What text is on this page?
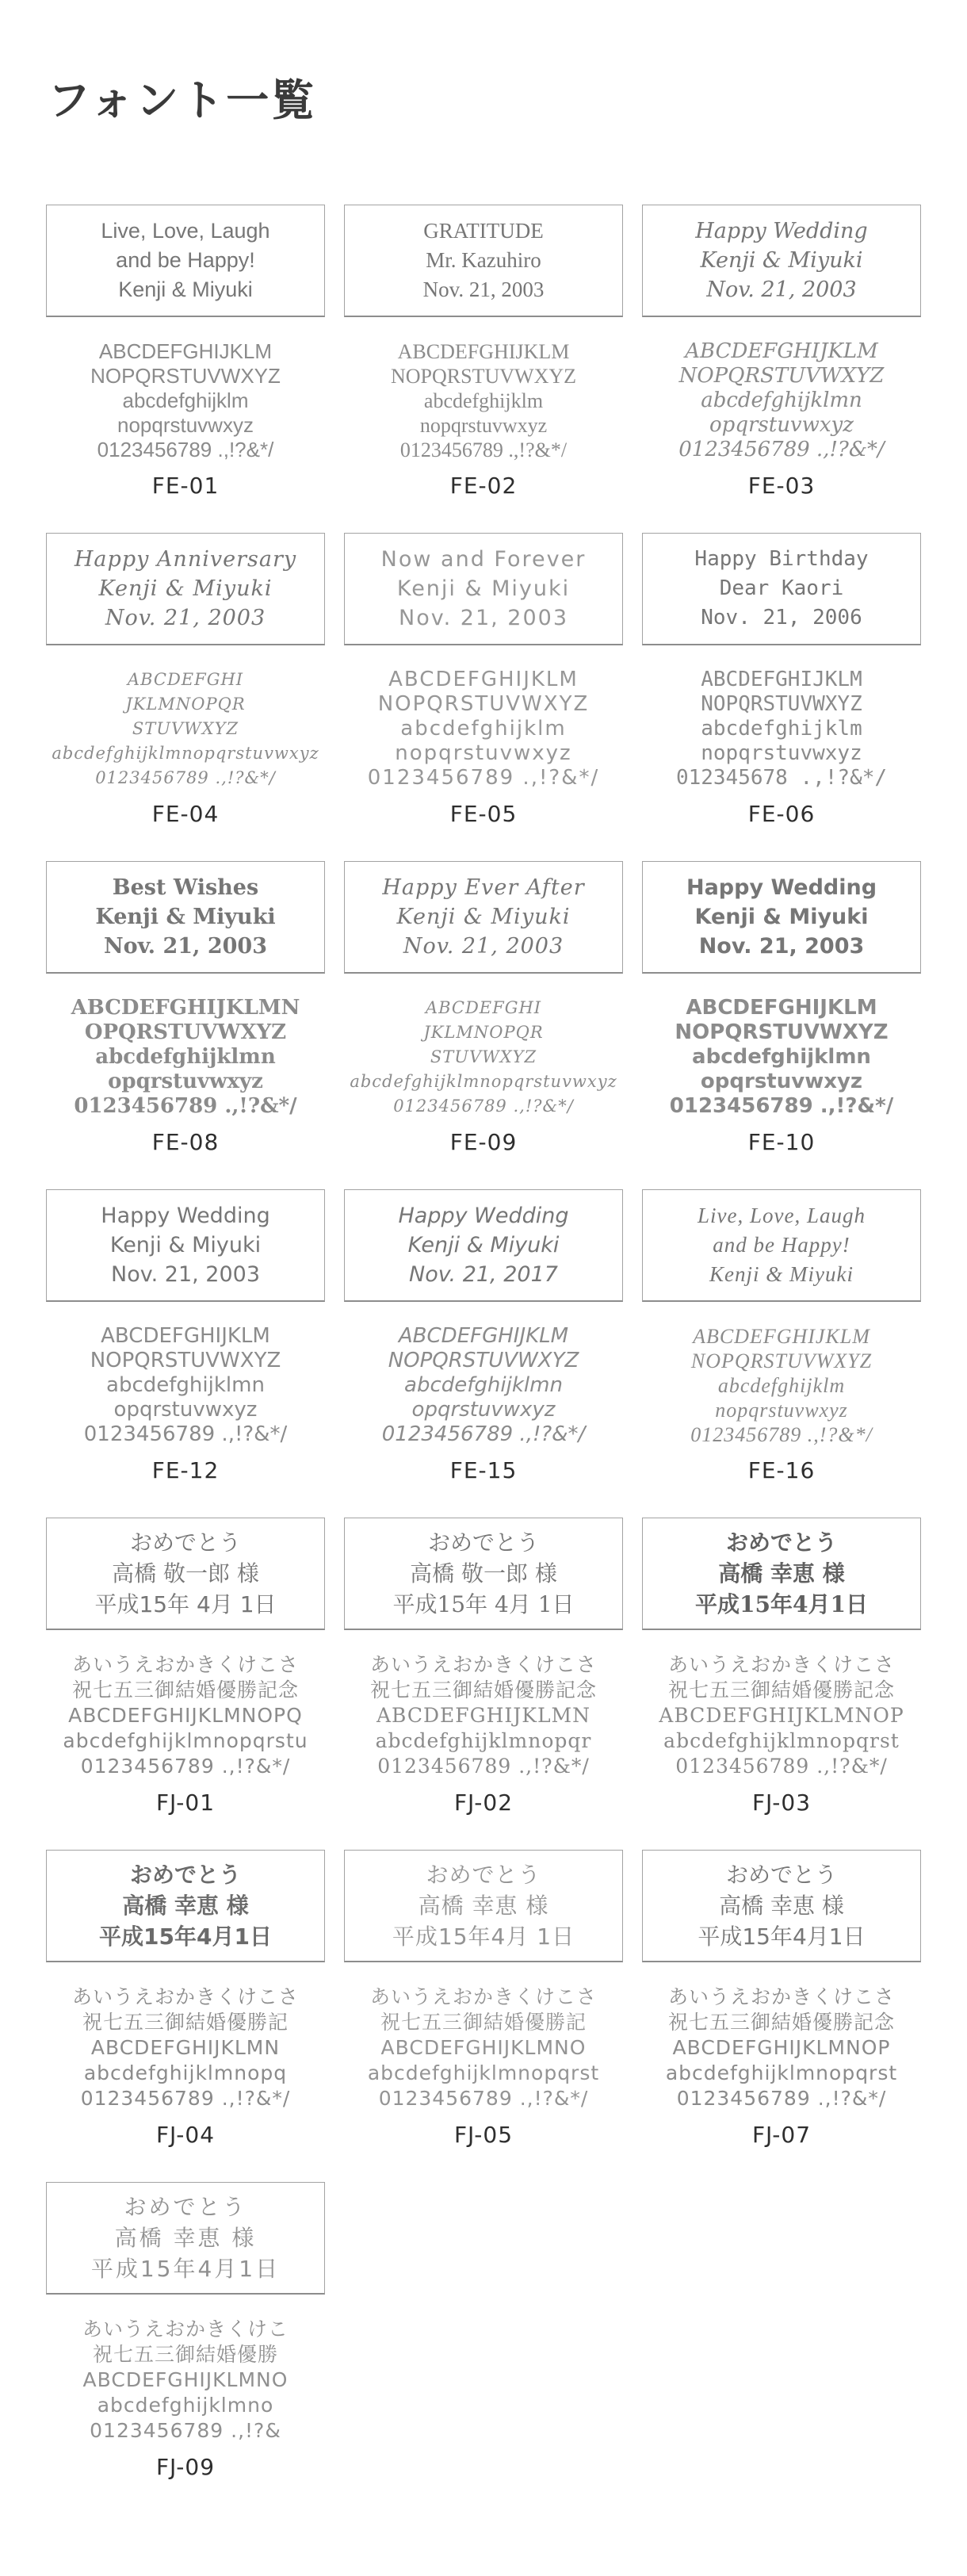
フォント一覧
Live, Love, Laugh
and be Happy!
Kenji & Miyuki
ABCDEFGHIJKLM
NOPQRSTUVWXYZ
abcdefghijklm
nopqrstuvwxyz
0123456789 .,!?&*/
FE-01
GRATITUDE
Mr. Kazuhiro
Nov. 21, 2003
ABCDEFGHIJKLM
NOPQRSTUVWXYZ
abcdefghijklm
nopqrstuvwxyz
0123456789 .,!?&*/
FE-02
Happy Wedding
Kenji & Miyuki
Nov. 21, 2003
ABCDEFGHIJKLM
NOPQRSTUVWXYZ
abcdefghijklmn
opqrstuvwxyz
0123456789 .,!?&*/
FE-03
Happy Anniversary
Kenji & Miyuki
Nov. 21, 2003
ABCDEFGHI
JKLMNOPQR
STUVWXYZ
abcdefghijklmnopqrstuvwxyz
0123456789 .,!?&*/
FE-04
Now and Forever
Kenji & Miyuki
Nov. 21, 2003
ABCDEFGHIJKLM
NOPQRSTUVWXYZ
abcdefghijklm
nopqrstuvwxyz
0123456789 .,!?&*/
FE-05
Happy Birthday
Dear Kaori
Nov. 21, 2006
ABCDEFGHIJKLM
NOPQRSTUVWXYZ
abcdefghijklm
nopqrstuvwxyz
012345678 .,!?&*/
FE-06
Best Wishes
Kenji & Miyuki
Nov. 21, 2003
ABCDEFGHIJKLMN
OPQRSTUVWXYZ
abcdefghijklmn
opqrstuvwxyz
0123456789 .,!?&*/
FE-08
Happy Ever After
Kenji & Miyuki
Nov. 21, 2003
ABCDEFGHI
JKLMNOPQR
STUVWXYZ
abcdefghijklmnopqrstuvwxyz
0123456789 .,!?&*/
FE-09
Happy Wedding
Kenji & Miyuki
Nov. 21, 2003
ABCDEFGHIJKLM
NOPQRSTUVWXYZ
abcdefghijklmn
opqrstuvwxyz
0123456789 .,!?&*/
FE-10
Happy Wedding
Kenji & Miyuki
Nov. 21, 2003
ABCDEFGHIJKLM
NOPQRSTUVWXYZ
abcdefghijklmn
opqrstuvwxyz
0123456789 .,!?&*/
FE-12
Happy Wedding
Kenji & Miyuki
Nov. 21, 2017
ABCDEFGHIJKLM
NOPQRSTUVWXYZ
abcdefghijklmn
opqrstuvwxyz
0123456789 .,!?&*/
FE-15
Live, Love, Laugh
and be Happy!
Kenji & Miyuki
ABCDEFGHIJKLM
NOPQRSTUVWXYZ
abcdefghijklm
nopqrstuvwxyz
0123456789 .,!?&*/
FE-16
おめでとう
高橋 敬一郎 様
平成15年 4月 1日
あいうえおかきくけこさ
祝七五三御結婚優勝記念
ABCDEFGHIJKLMNOPQ
abcdefghijklmnopqrstu
0123456789 .,!?&*/
FJ-01
おめでとう
高橋 敬一郎 様
平成15年 4月 1日
あいうえおかきくけこさ
祝七五三御結婚優勝記念
ABCDEFGHIJKLMN
abcdefghijklmnopqr
0123456789 .,!?&*/
FJ-02
おめでとう
高橋 幸恵 様
平成15年4月1日
あいうえおかきくけこさ
祝七五三御結婚優勝記念
ABCDEFGHIJKLMNOP
abcdefghijklmnopqrst
0123456789 .,!?&*/
FJ-03
おめでとう
高橋 幸恵 様
平成15年4月1日
あいうえおかきくけこさ
祝七五三御結婚優勝記
ABCDEFGHIJKLMN
abcdefghijklmnopq
0123456789 .,!?&*/
FJ-04
おめでとう
高橋 幸恵 様
平成15年4月 1日
あいうえおかきくけこさ
祝七五三御結婚優勝記
ABCDEFGHIJKLMNO
abcdefghijklmnopqrst
0123456789 .,!?&*/
FJ-05
おめでとう
高橋 幸恵 様
平成15年4月1日
あいうえおかきくけこさ
祝七五三御結婚優勝記念
ABCDEFGHIJKLMNOP
abcdefghijklmnopqrst
0123456789 .,!?&*/
FJ-07
おめでとう
高橋 幸恵 様
平成15年4月1日
あいうえおかきくけこ
祝七五三御結婚優勝
ABCDEFGHIJKLMNO
abcdefghijklmno
0123456789 .,!?&
FJ-09
